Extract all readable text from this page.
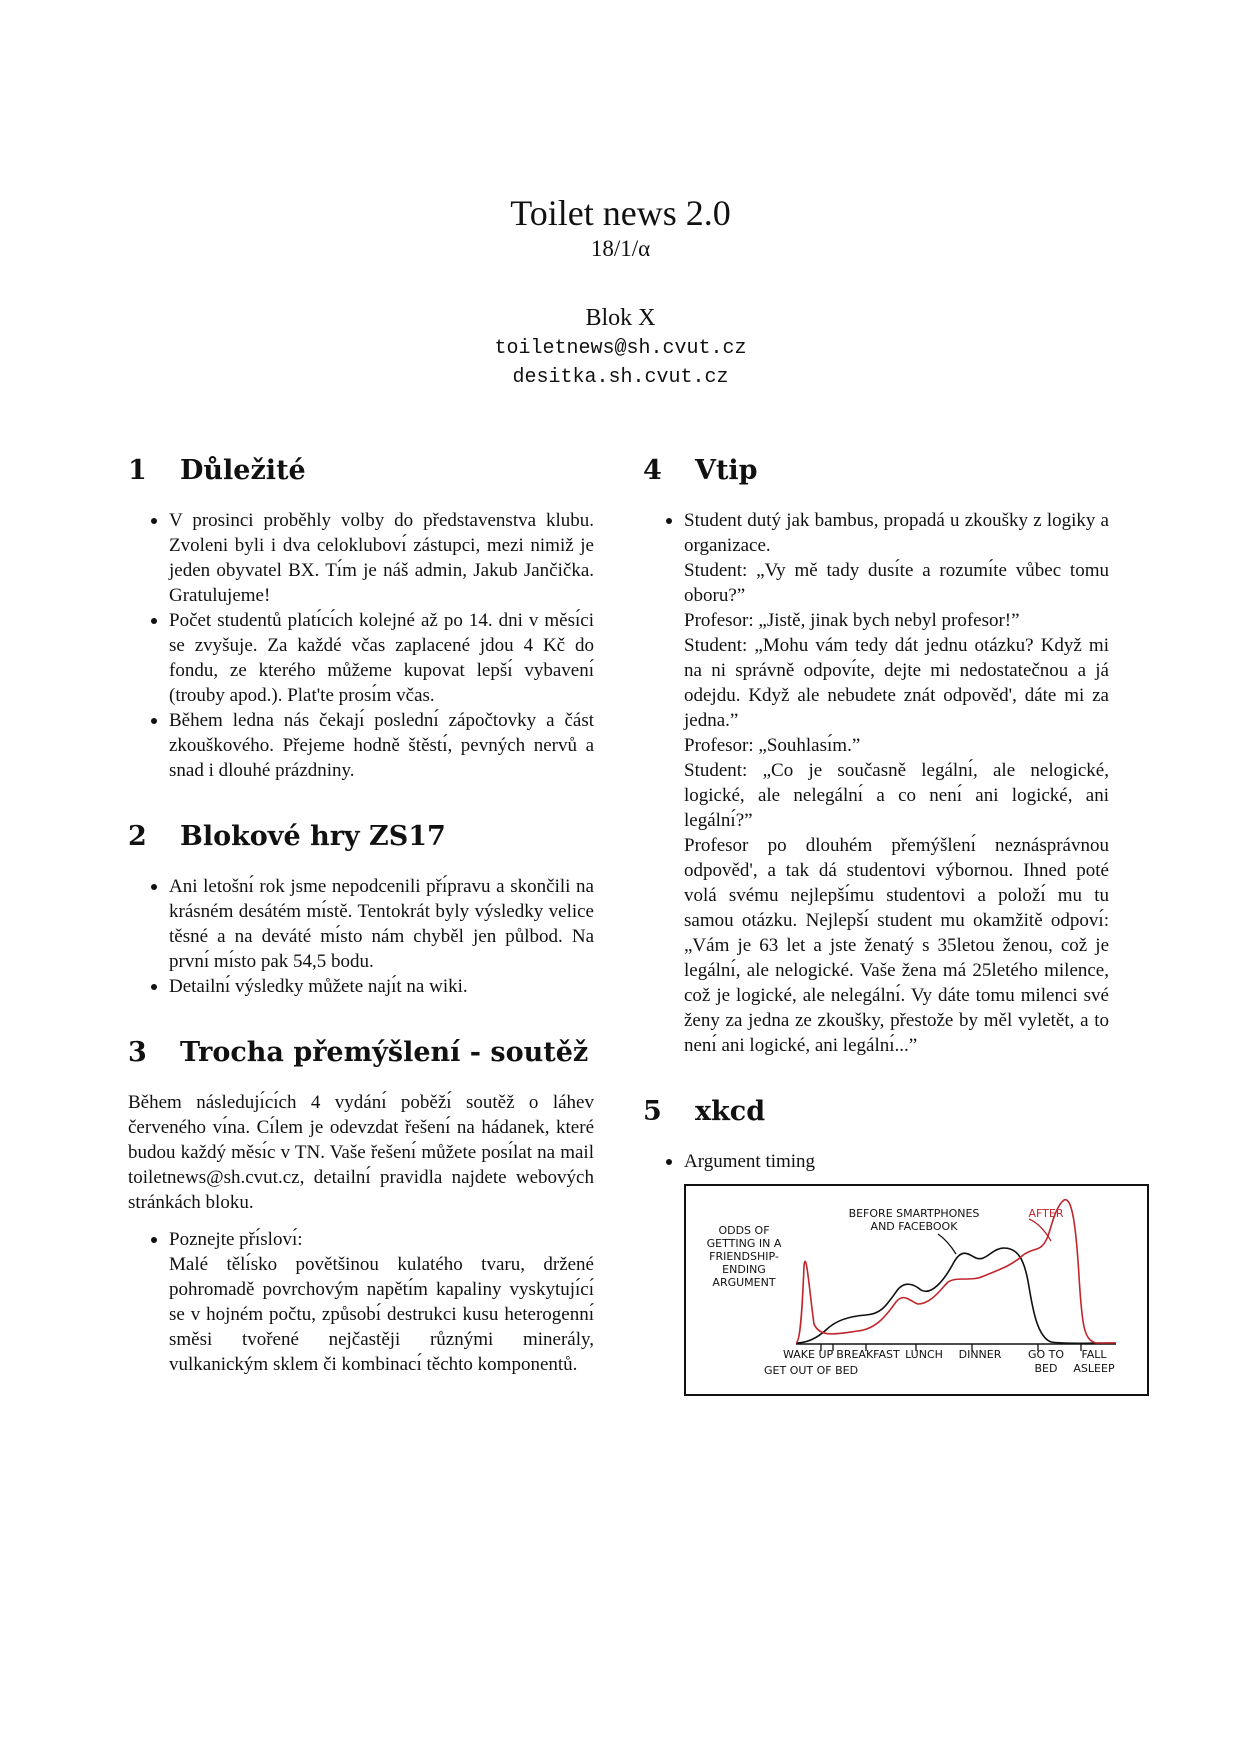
Toilet news 2.0
18/1/α
Blok X
toiletnews@sh.cvut.cz
desitka.sh.cvut.cz
1 Důležité
V prosinci proběhly volby do představenstva klubu. Zvoleni byli i dva celoklubovı́ zástupci, mezi nimiž je jeden obyvatel BX. Tı́m je náš admin, Jakub Jančička. Gratulujeme!
Počet studentů platı́cı́ch kolejné až po 14. dni v měsı́ci se zvyšuje. Za každé včas zaplacené jdou 4 Kč do fondu, ze kterého můžeme kupovat lepšı́ vybavenı́ (trouby apod.). Plat'te prosı́m včas.
Během ledna nás čekajı́ poslednı́ zápočtovky a část zkouškového. Přejeme hodně štěstı́, pevných nervů a snad i dlouhé prázdniny.
2 Blokové hry ZS17
Ani letošnı́ rok jsme nepodcenili přı́pravu a skončili na krásném desátém mı́stě. Tentokrát byly výsledky velice těsné a na deváté mı́sto nám chyběl jen půlbod. Na prvnı́ mı́sto pak 54,5 bodu.
Detailnı́ výsledky můžete najı́t na wiki.
3 Trocha přemýšlenı́ - soutěž
Během následujı́cı́ch 4 vydánı́ poběžı́ soutěž o láhev červeného vı́na. Cı́lem je odevzdat řešenı́ na hádanek, které budou každý měsı́c v TN. Vaše řešenı́ můžete posı́lat na mail toiletnews@sh.cvut.cz, detailnı́ pravidla najdete webových stránkách bloku.
Poznejte přı́slovı́:
Malé tělı́sko povětšinou kulatého tvaru, držené pohromadě povrchovým napětı́m kapaliny vyskytujı́cı́ se v hojném počtu, způsobı́ destrukci kusu heterogennı́ směsi tvořené nejčastěji různými minerály, vulkanickým sklem či kombinacı́ těchto komponentů.
4 Vtip

Student dutý jak bambus, propadá u zkoušky z logiky a organizace.

Student: „Vy mě tady dusı́te a rozumı́te vůbec tomu oboru?”

Profesor: „Jistě, jinak bych nebyl profesor!”

Student: „Mohu vám tedy dát jednu otázku? Když mi na ni správně odpovı́te, dejte mi nedostatečnou a já odejdu. Když ale nebudete znát odpověd', dáte mi za jedna.”

Profesor: „Souhlası́m.”

Student: „Co je současně legálnı́, ale nelogické, logické, ale nelegálnı́ a co nenı́ ani logické, ani legálnı́?”

Profesor po dlouhém přemýšlenı́ neznásprávnou odpověd', a tak dá studentovi výbornou. Ihned poté volá svému nejlepšı́mu studentovi a položı́ mu tu samou otázku. Nejlepšı́ student mu okamžitě odpovı́: „Vám je 63 let a jste ženatý s 35letou ženou, což je legálnı́, ale nelogické. Vaše žena má 25letého milence, což je logické, ale nelegálnı́. Vy dáte tomu milenci své ženy za jedna ze zkoušky, přestože by měl vyletět, a to nenı́ ani logické, ani legálnı́...”

5 xkcd
Argument timing
ODDS OF
GETTING IN A
FRIENDSHIP-
ENDING
ARGUMENT
BEFORE SMARTPHONES
AND FACEBOOK
AFTER
WAKE UP
GET OUT OF BED
BREAKFAST LUNCH DINNER GO TO
BED
FALL
ASLEEP
